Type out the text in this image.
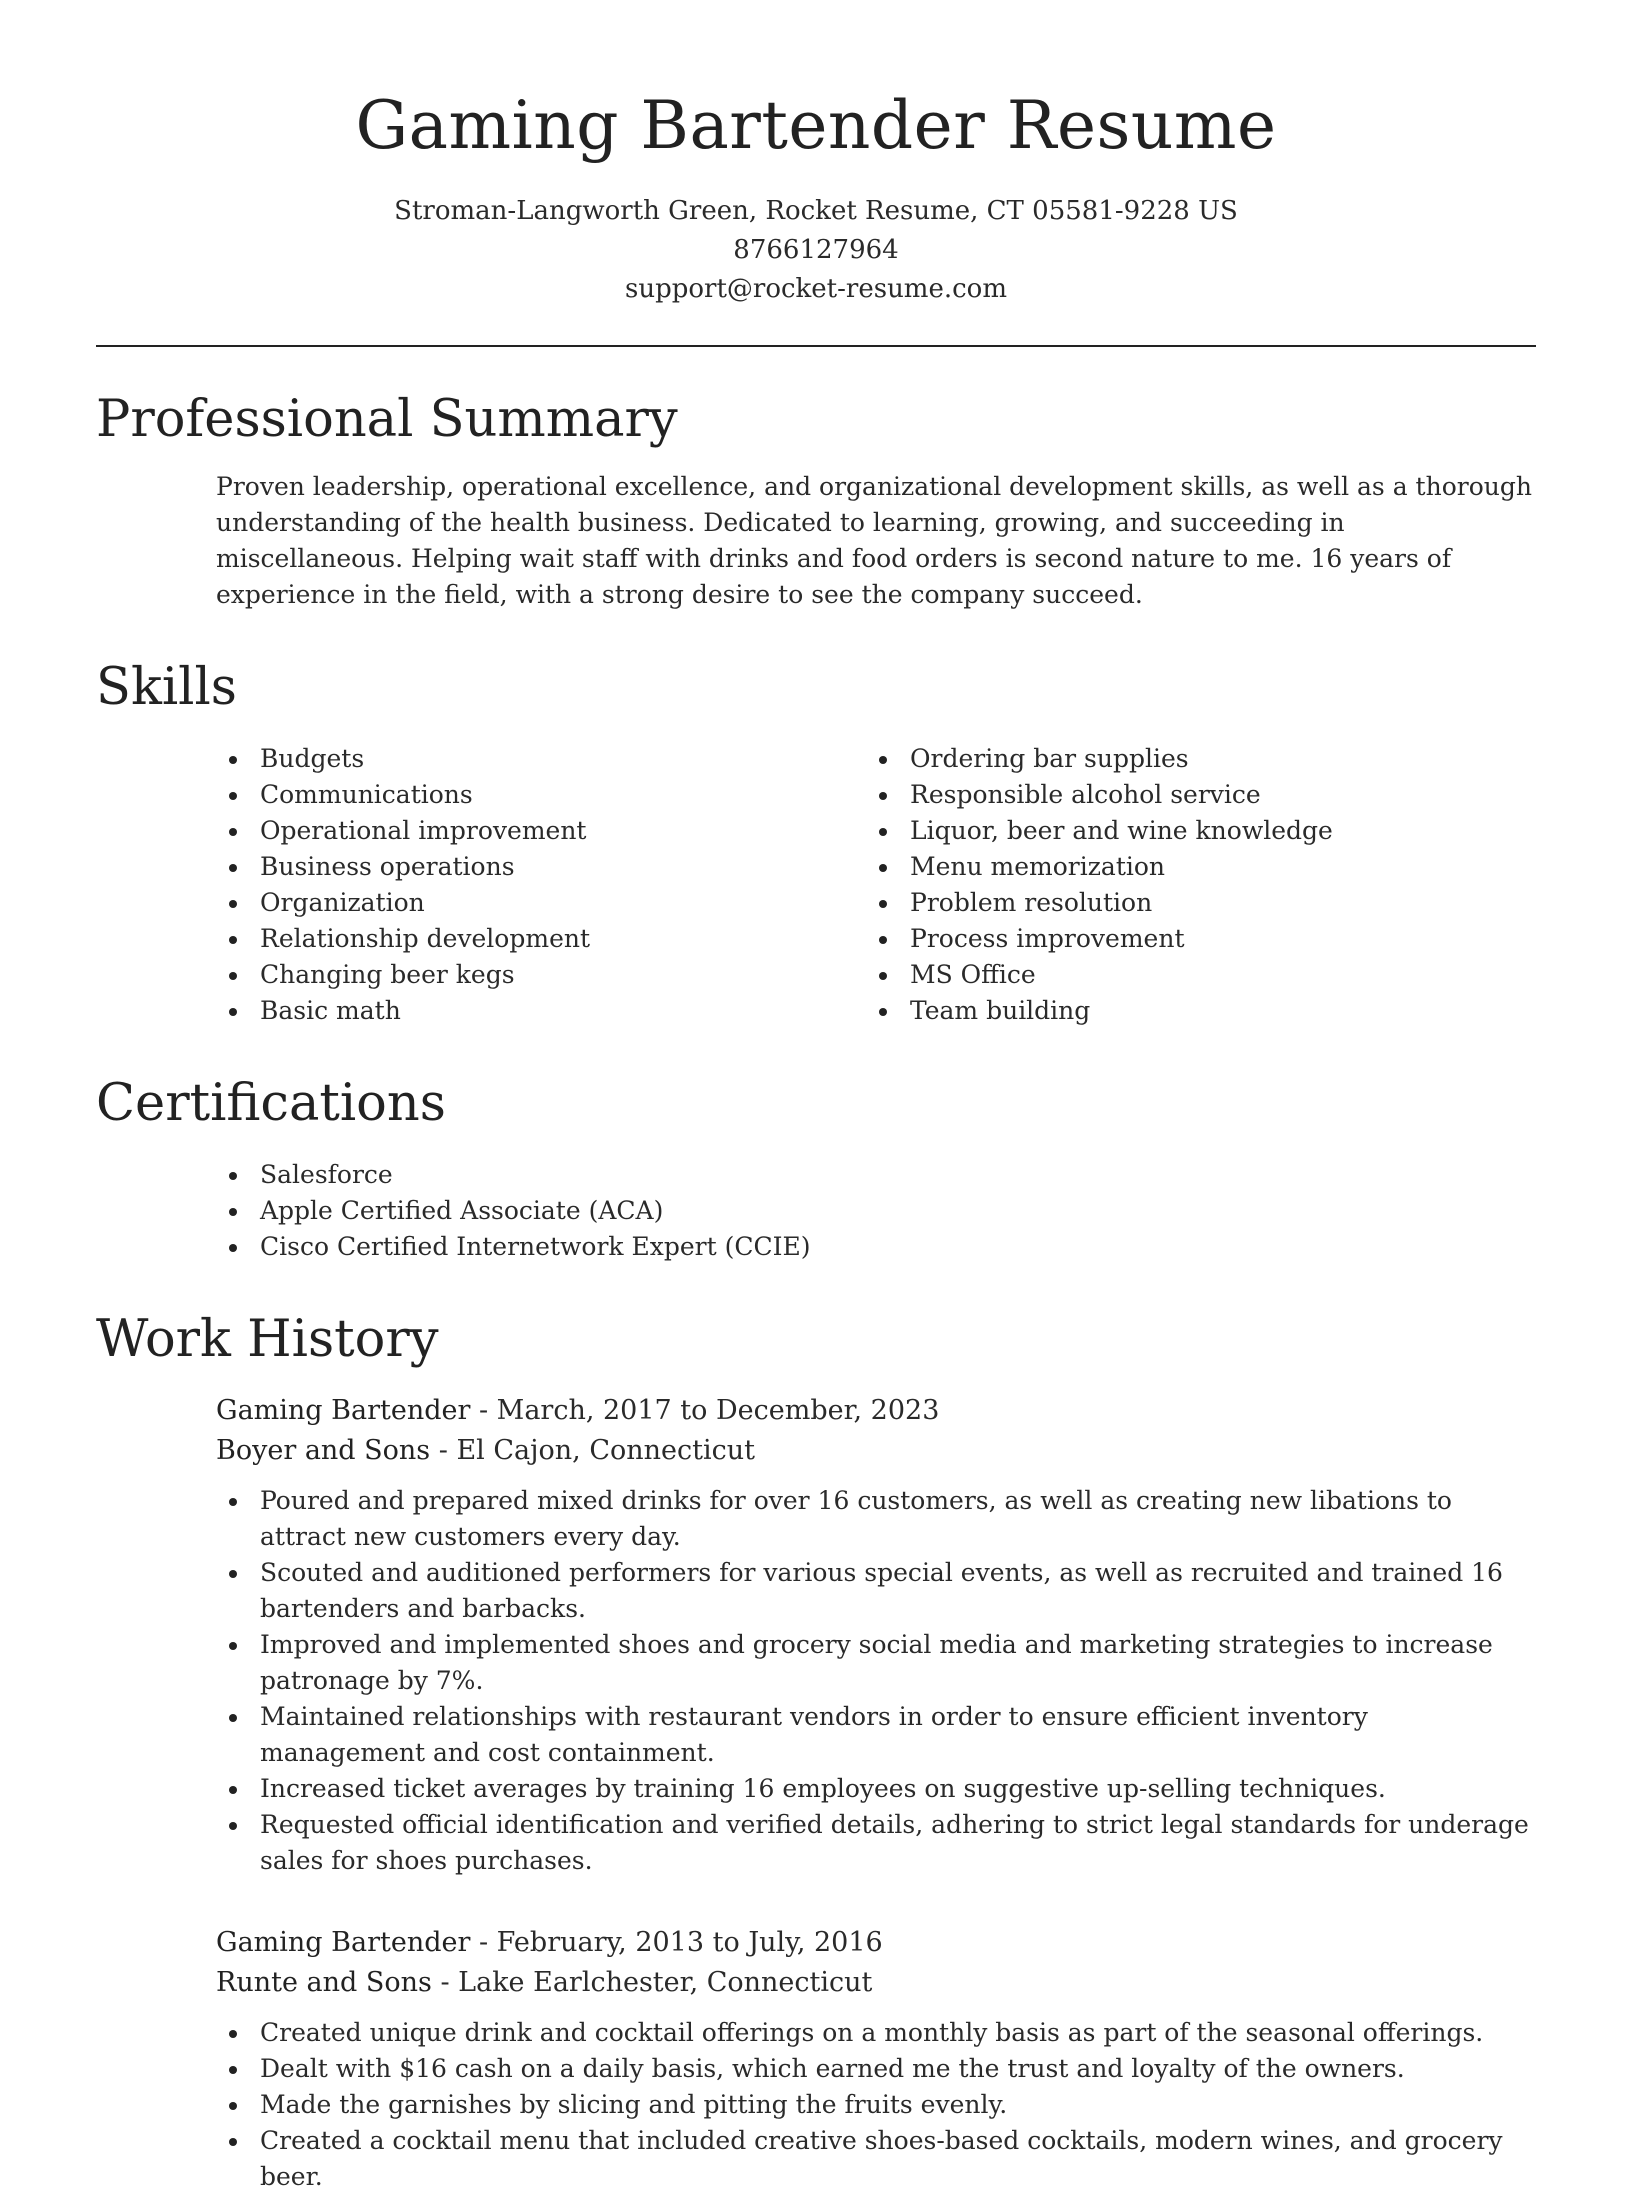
Gaming Bartender Resume
Stroman-Langworth Green, Rocket Resume, CT 05581-9228 US
8766127964
support@rocket-resume.com
Professional Summary

Proven leadership, operational excellence, and organizational development skills, as well as a thorough understanding of the health business. Dedicated to learning, growing, and succeeding in miscellaneous. Helping wait staff with drinks and food orders is second nature to me. 16 years of experience in the field, with a strong desire to see the company succeed.

Skills
Budgets
Communications
Operational improvement
Business operations
Organization
Relationship development
Changing beer kegs
Basic math
Ordering bar supplies
Responsible alcohol service
Liquor, beer and wine knowledge
Menu memorization
Problem resolution
Process improvement
MS Office
Team building
Certifications
Salesforce
Apple Certified Associate (ACA)
Cisco Certified Internetwork Expert (CCIE)
Work History
Gaming Bartender - March, 2017 to December, 2023
Boyer and Sons - El Cajon, Connecticut
Poured and prepared mixed drinks for over 16 customers, as well as creating new libations to attract new customers every day.
Scouted and auditioned performers for various special events, as well as recruited and trained 16 bartenders and barbacks.
Improved and implemented shoes and grocery social media and marketing strategies to increase patronage by 7%.
Maintained relationships with restaurant vendors in order to ensure efficient inventory management and cost containment.
Increased ticket averages by training 16 employees on suggestive up-selling techniques.
Requested official identification and verified details, adhering to strict legal standards for underage sales for shoes purchases.
Gaming Bartender - February, 2013 to July, 2016
Runte and Sons - Lake Earlchester, Connecticut
Created unique drink and cocktail offerings on a monthly basis as part of the seasonal offerings.
Dealt with $16 cash on a daily basis, which earned me the trust and loyalty of the owners.
Made the garnishes by slicing and pitting the fruits evenly.
Created a cocktail menu that included creative shoes-based cocktails, modern wines, and grocery beer.
